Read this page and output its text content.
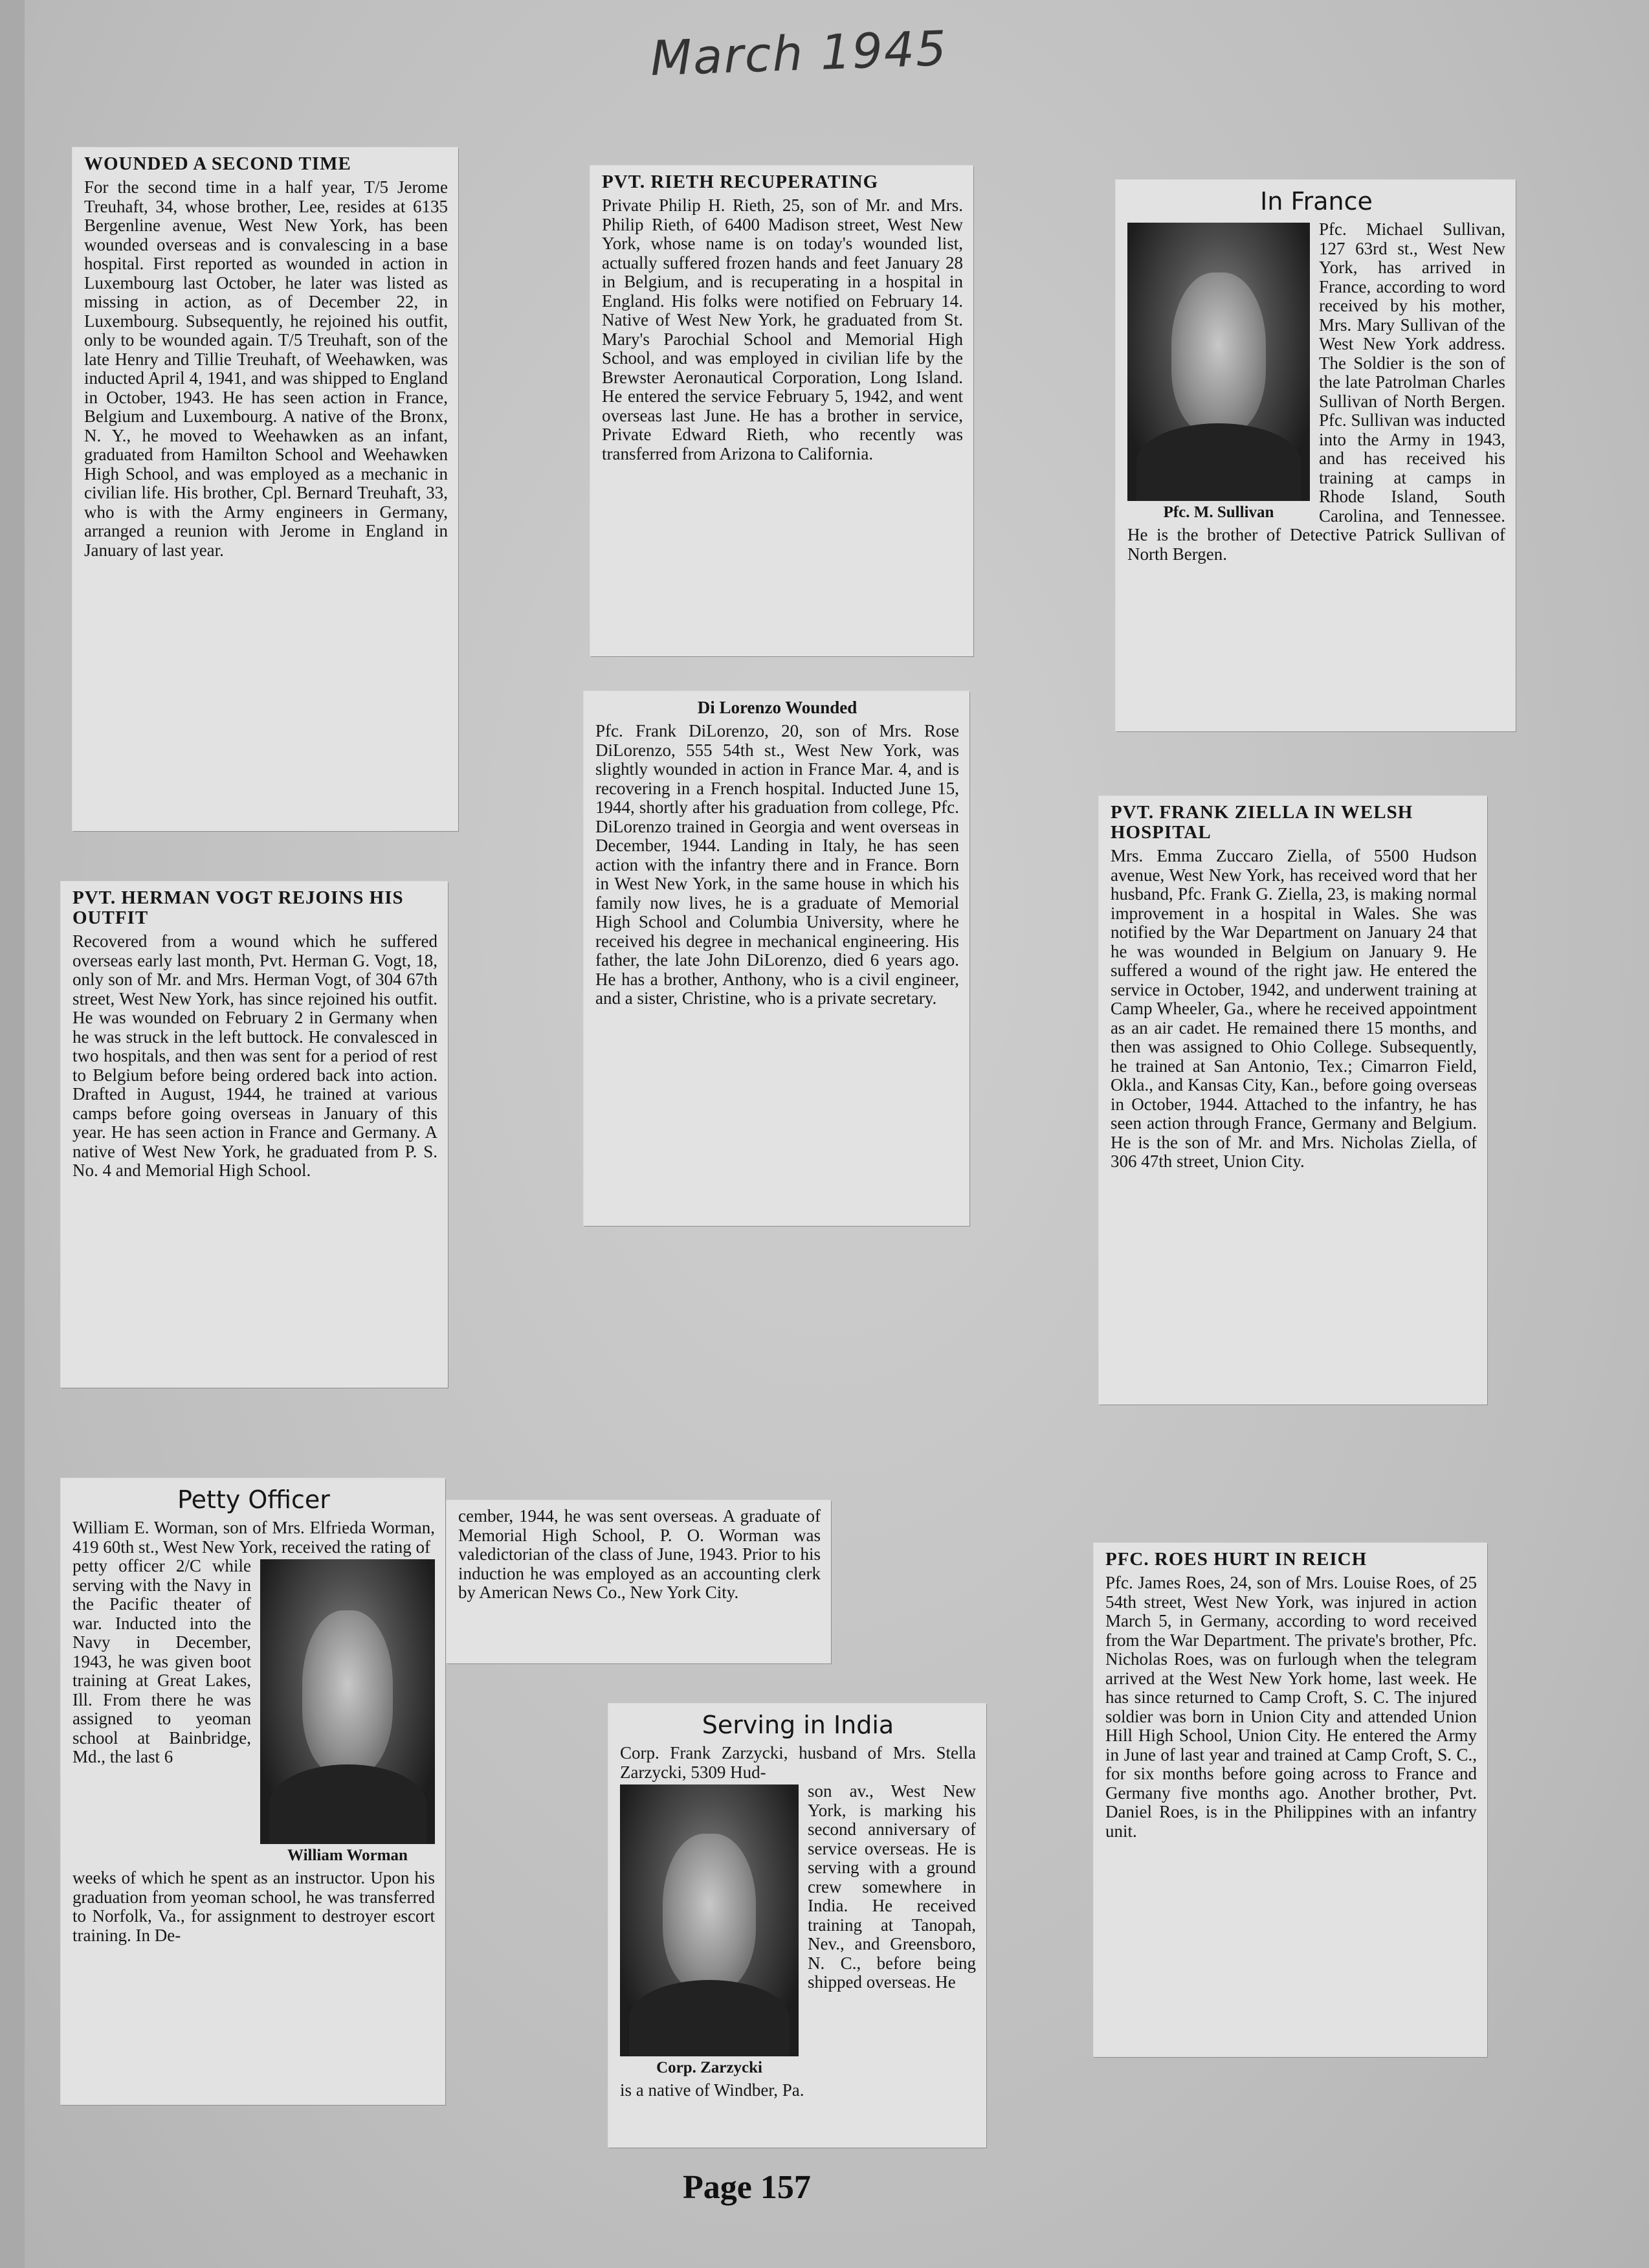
March 1945
WOUNDED A SECOND TIME

For the second time in a half year, T/5 Jerome Treuhaft, 34, whose brother, Lee, resides at 6135 Bergenline avenue, West New York, has been wounded overseas and is convalescing in a base hospital. First reported as wounded in action in Luxembourg last October, he later was listed as missing in action, as of December 22, in Luxembourg. Subsequently, he rejoined his outfit, only to be wounded again. T/5 Treuhaft, son of the late Henry and Tillie Treuhaft, of Weehawken, was inducted April 4, 1941, and was shipped to England in October, 1943. He has seen action in France, Belgium and Luxembourg. A native of the Bronx, N. Y., he moved to Weehawken as an infant, graduated from Hamilton School and Weehawken High School, and was employed as a mechanic in civilian life. His brother, Cpl. Bernard Treuhaft, 33, who is with the Army engineers in Germany, arranged a reunion with Jerome in England in January of last year.

PVT. RIETH RECUPERATING

Private Philip H. Rieth, 25, son of Mr. and Mrs. Philip Rieth, of 6400 Madison street, West New York, whose name is on today's wounded list, actually suffered frozen hands and feet January 28 in Belgium, and is recuperating in a hospital in England. His folks were notified on February 14. Native of West New York, he graduated from St. Mary's Parochial School and Memorial High School, and was employed in civilian life by the Brewster Aeronautical Corporation, Long Island. He entered the service February 5, 1942, and went overseas last June. He has a brother in service, Private Edward Rieth, who recently was transferred from Arizona to California.

In France
Pfc. M. Sullivan

Pfc. Michael Sullivan, 127 63rd st., West New York, has arrived in France, according to word received by his mother, Mrs. Mary Sullivan of the West New York address. The Soldier is the son of the late Patrolman Charles Sullivan of North Bergen. Pfc. Sullivan was inducted into the Army in 1943, and has received his training at camps in Rhode Island, South Carolina, and Tennessee. He is the brother of Detective Patrick Sullivan of North Bergen.

Di Lorenzo Wounded

Pfc. Frank DiLorenzo, 20, son of Mrs. Rose DiLorenzo, 555 54th st., West New York, was slightly wounded in action in France Mar. 4, and is recovering in a French hospital. Inducted June 15, 1944, shortly after his graduation from college, Pfc. DiLorenzo trained in Georgia and went overseas in December, 1944. Landing in Italy, he has seen action with the infantry there and in France. Born in West New York, in the same house in which his family now lives, he is a graduate of Memorial High School and Columbia University, where he received his degree in mechanical engineering. His father, the late John DiLorenzo, died 6 years ago. He has a brother, Anthony, who is a civil engineer, and a sister, Christine, who is a private secretary.

PVT. HERMAN VOGT REJOINS HIS OUTFIT

Recovered from a wound which he suffered overseas early last month, Pvt. Herman G. Vogt, 18, only son of Mr. and Mrs. Herman Vogt, of 304 67th street, West New York, has since rejoined his outfit. He was wounded on February 2 in Germany when he was struck in the left buttock. He convalesced in two hospitals, and then was sent for a period of rest to Belgium before being ordered back into action. Drafted in August, 1944, he trained at various camps before going overseas in January of this year. He has seen action in France and Germany. A native of West New York, he graduated from P. S. No. 4 and Memorial High School.

PVT. FRANK ZIELLA IN WELSH HOSPITAL

Mrs. Emma Zuccaro Ziella, of 5500 Hudson avenue, West New York, has received word that her husband, Pfc. Frank G. Ziella, 23, is making normal improvement in a hospital in Wales. She was notified by the War Department on January 24 that he was wounded in Belgium on January 9. He suffered a wound of the right jaw. He entered the service in October, 1942, and underwent training at Camp Wheeler, Ga., where he received appointment as an air cadet. He remained there 15 months, and then was assigned to Ohio College. Subsequently, he trained at San Antonio, Tex.; Cimarron Field, Okla., and Kansas City, Kan., before going overseas in October, 1944. Attached to the infantry, he has seen action through France, Germany and Belgium. He is the son of Mr. and Mrs. Nicholas Ziella, of 306 47th street, Union City.

Petty Officer

William E. Worman, son of Mrs. Elfrieda Worman, 419 60th st., West New York, received the rating of

William Worman

petty officer 2/C while serving with the Navy in the Pacific theater of war. Inducted into the Navy in December, 1943, he was given boot training at Great Lakes, Ill. From there he was assigned to yeoman school at Bainbridge, Md., the last 6

weeks of which he spent as an instructor. Upon his graduation from yeoman school, he was transferred to Norfolk, Va., for assignment to destroyer escort training. In De-

cember, 1944, he was sent overseas. A graduate of Memorial High School, P. O. Worman was valedictorian of the class of June, 1943. Prior to his induction he was employed as an accounting clerk by American News Co., New York City.

Serving in India

Corp. Frank Zarzycki, husband of Mrs. Stella Zarzycki, 5309 Hud-

Corp. Zarzycki

son av., West New York, is marking his second anniversary of service overseas. He is serving with a ground crew somewhere in India. He received training at Tanopah, Nev., and Greensboro, N. C., before being shipped overseas. He

is a native of Windber, Pa.

PFC. ROES HURT IN REICH

Pfc. James Roes, 24, son of Mrs. Louise Roes, of 25 54th street, West New York, was injured in action March 5, in Germany, according to word received from the War Department. The private's brother, Pfc. Nicholas Roes, was on furlough when the telegram arrived at the West New York home, last week. He has since returned to Camp Croft, S. C. The injured soldier was born in Union City and attended Union Hill High School, Union City. He entered the Army in June of last year and trained at Camp Croft, S. C., for six months before going across to France and Germany five months ago. Another brother, Pvt. Daniel Roes, is in the Philippines with an infantry unit.

Page 157
